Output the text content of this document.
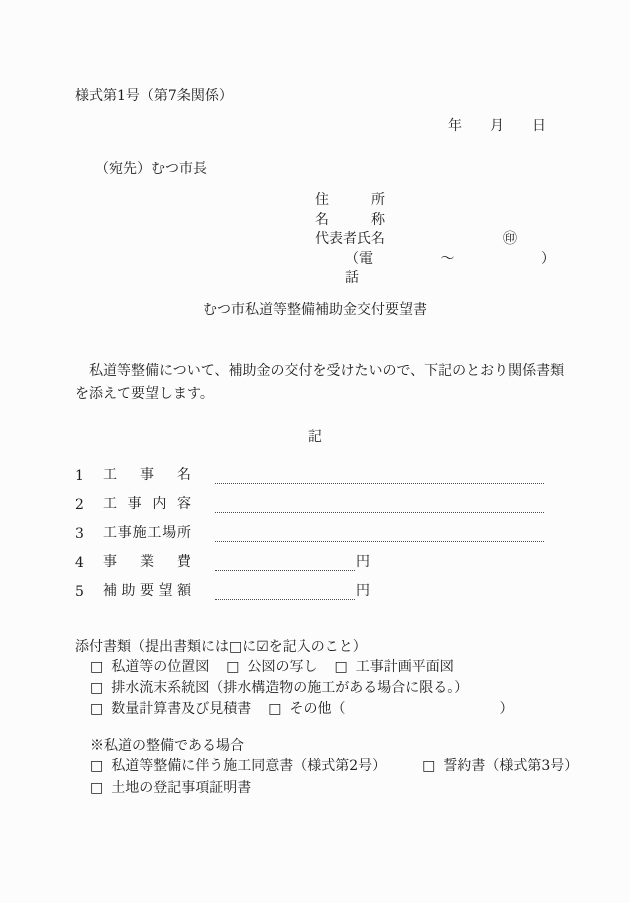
様式第1号（第7条関係）
年　　月　　日
（宛先）むつ市長
住所
名称
代表者氏名	㊞
（電話
〜	）
むつ市私道等整備補助金交付要望書
　私道等整備について、補助金の交付を受けたいので、下記のとおり関係書類
を添えて要望します。
記
1	工事名
2	工事内容
3	工事施工場所
4	事業費	円
5	補助要望額	円
添付書類（提出書類には□に☑を記入のこと）
□ 私道等の位置図 □ 公図の写し □ 工事計画平面図
□ 排水流末系統図（排水構造物の施工がある場合に限る。）
□ 数量計算書及び見積書 □ その他（　　　　　　　　　　　）
※私道の整備である場合
□ 私道等整備に伴う施工同意書（様式第2号）	□ 誓約書（様式第3号）
□ 土地の登記事項証明書
